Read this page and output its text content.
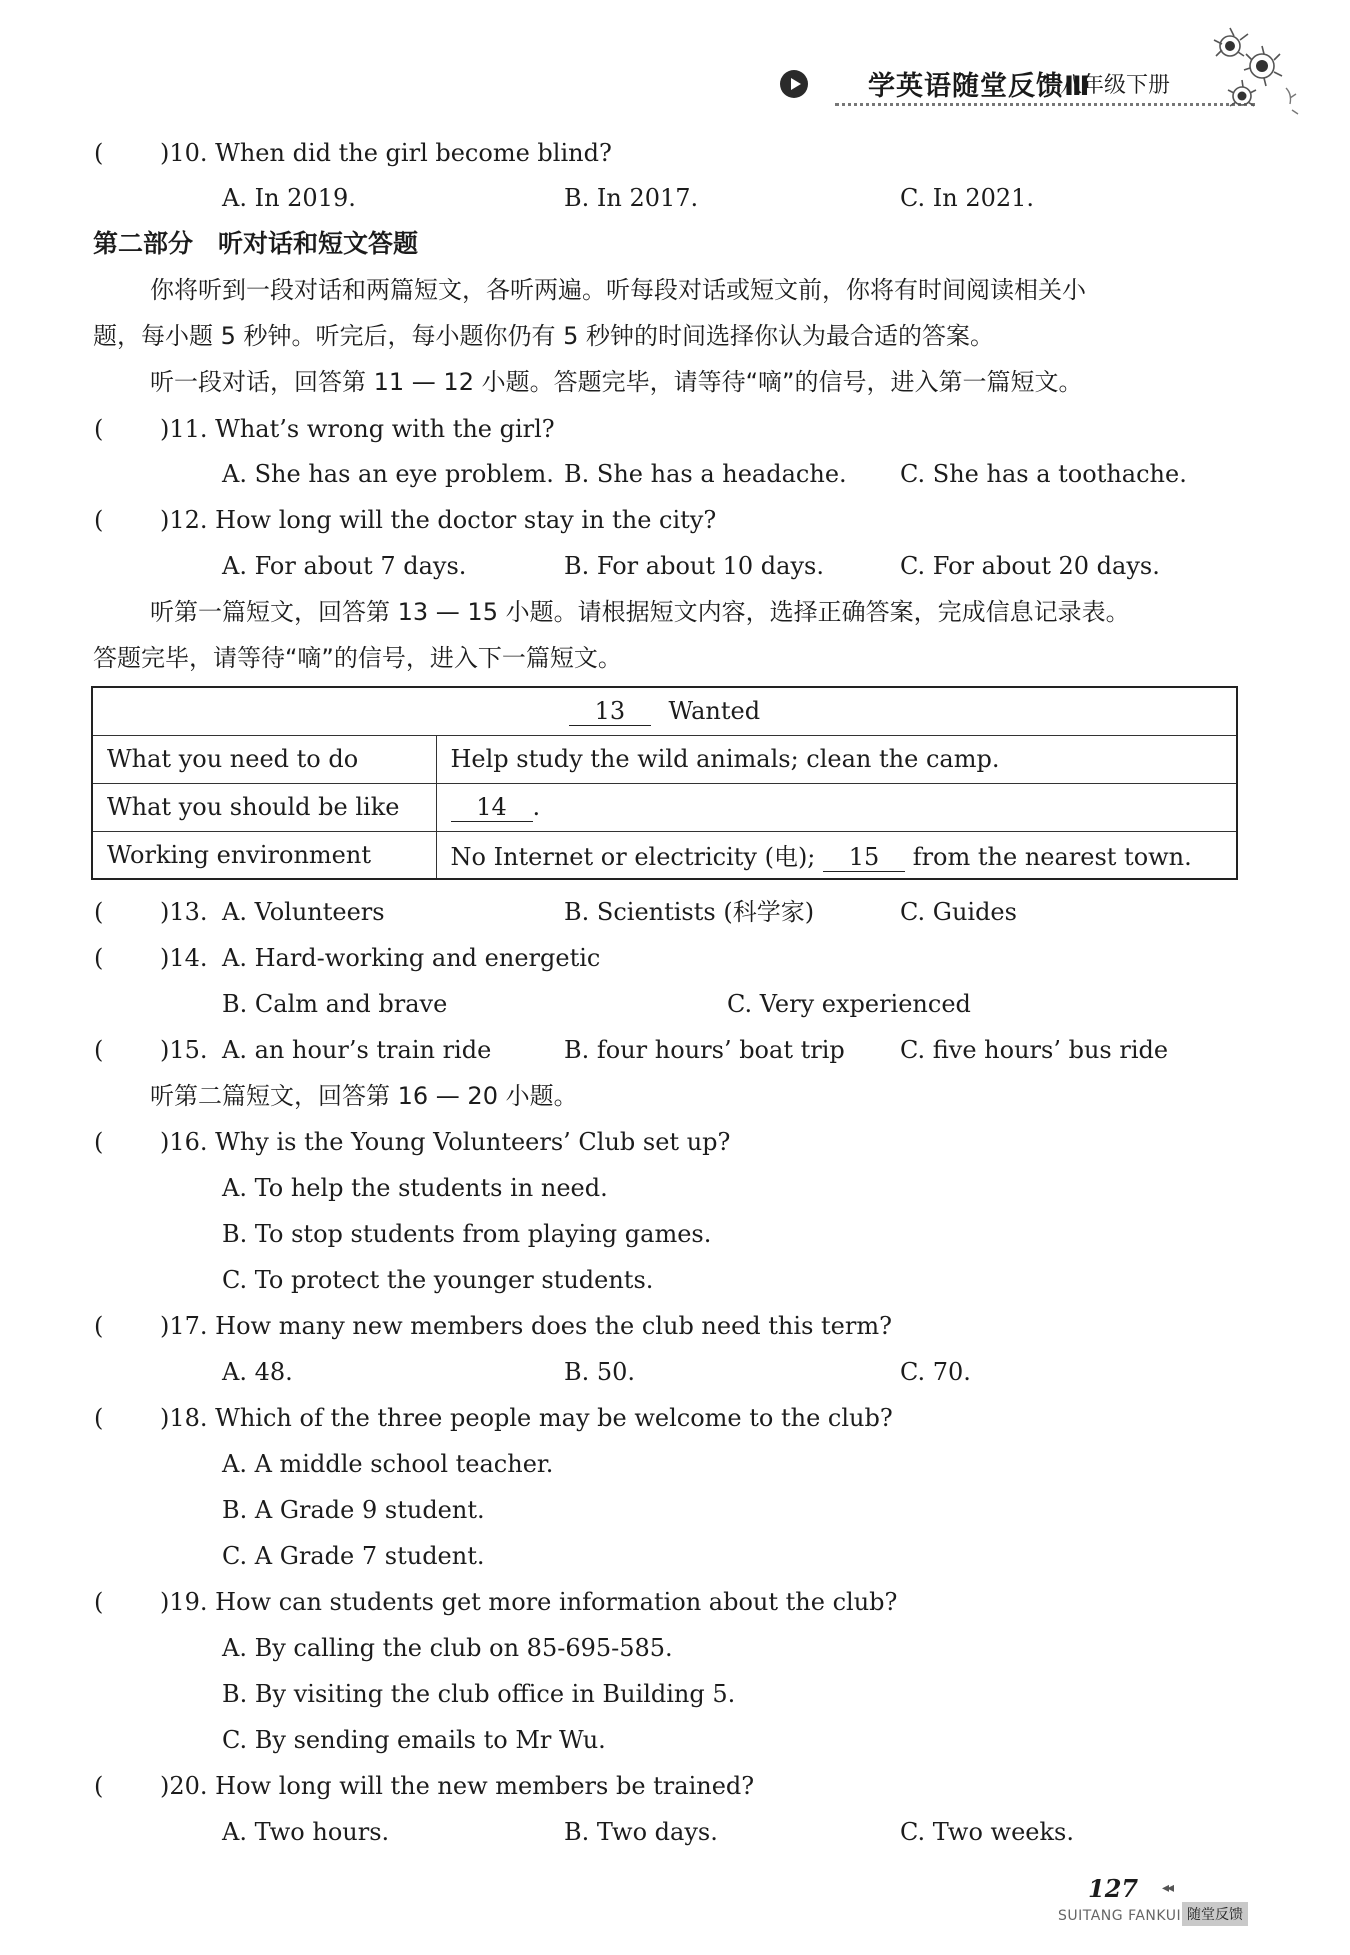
学英语随堂反馈Ⅲ
八年级下册
( )10. When did the girl become blind?
A. In 2019.	B. In 2017.	C. In 2021.
第二部分　听对话和短文答题
你将听到一段对话和两篇短文，各听两遍。听每段对话或短文前，你将有时间阅读相关小
题，每小题 5 秒钟。听完后，每小题你仍有 5 秒钟的时间选择你认为最合适的答案。
听一段对话，回答第 11 — 12 小题。答题完毕，请等待“嘀”的信号，进入第一篇短文。
( )11. What’s wrong with the girl?
A. She has an eye problem. B. She has a headache. C. She has a toothache.
( )12. How long will the doctor stay in the city?
A. For about 7 days.	B. For about 10 days.	C. For about 20 days.
听第一篇短文，回答第 13 — 15 小题。请根据短文内容，选择正确答案，完成信息记录表。
答题完毕，请等待“嘀”的信号，进入下一篇短文。
13 Wanted	
What you need to do	Help study the wild animals; clean the camp.
What you should be like	14 .
Working environment	No Internet or electricity (电); 15 from the nearest town.
( )13. A. Volunteers	B. Scientists (科学家)	C. Guides
( )14. A. Hard-working and energetic
B. Calm and brave	C. Very experienced
( )15. A. an hour’s train ride	B. four hours’ boat trip C. five hours’ bus ride
听第二篇短文，回答第 16 — 20 小题。
( )16. Why is the Young Volunteers’ Club set up?
A. To help the students in need.
B. To stop students from playing games.
C. To protect the younger students.
( )17. How many new members does the club need this term?
A. 48.	B. 50.	C. 70.
( )18. Which of the three people may be welcome to the club?
A. A middle school teacher.
B. A Grade 9 student.
C. A Grade 7 student.
( )19. How can students get more information about the club?
A. By calling the club on 85-695-585.
B. By visiting the club office in Building 5.
C. By sending emails to Mr Wu.
( )20. How long will the new members be trained?
A. Two hours.	B. Two days.	C. Two weeks.
127 ◂◂
SUITANG FANKUI 随堂反馈
